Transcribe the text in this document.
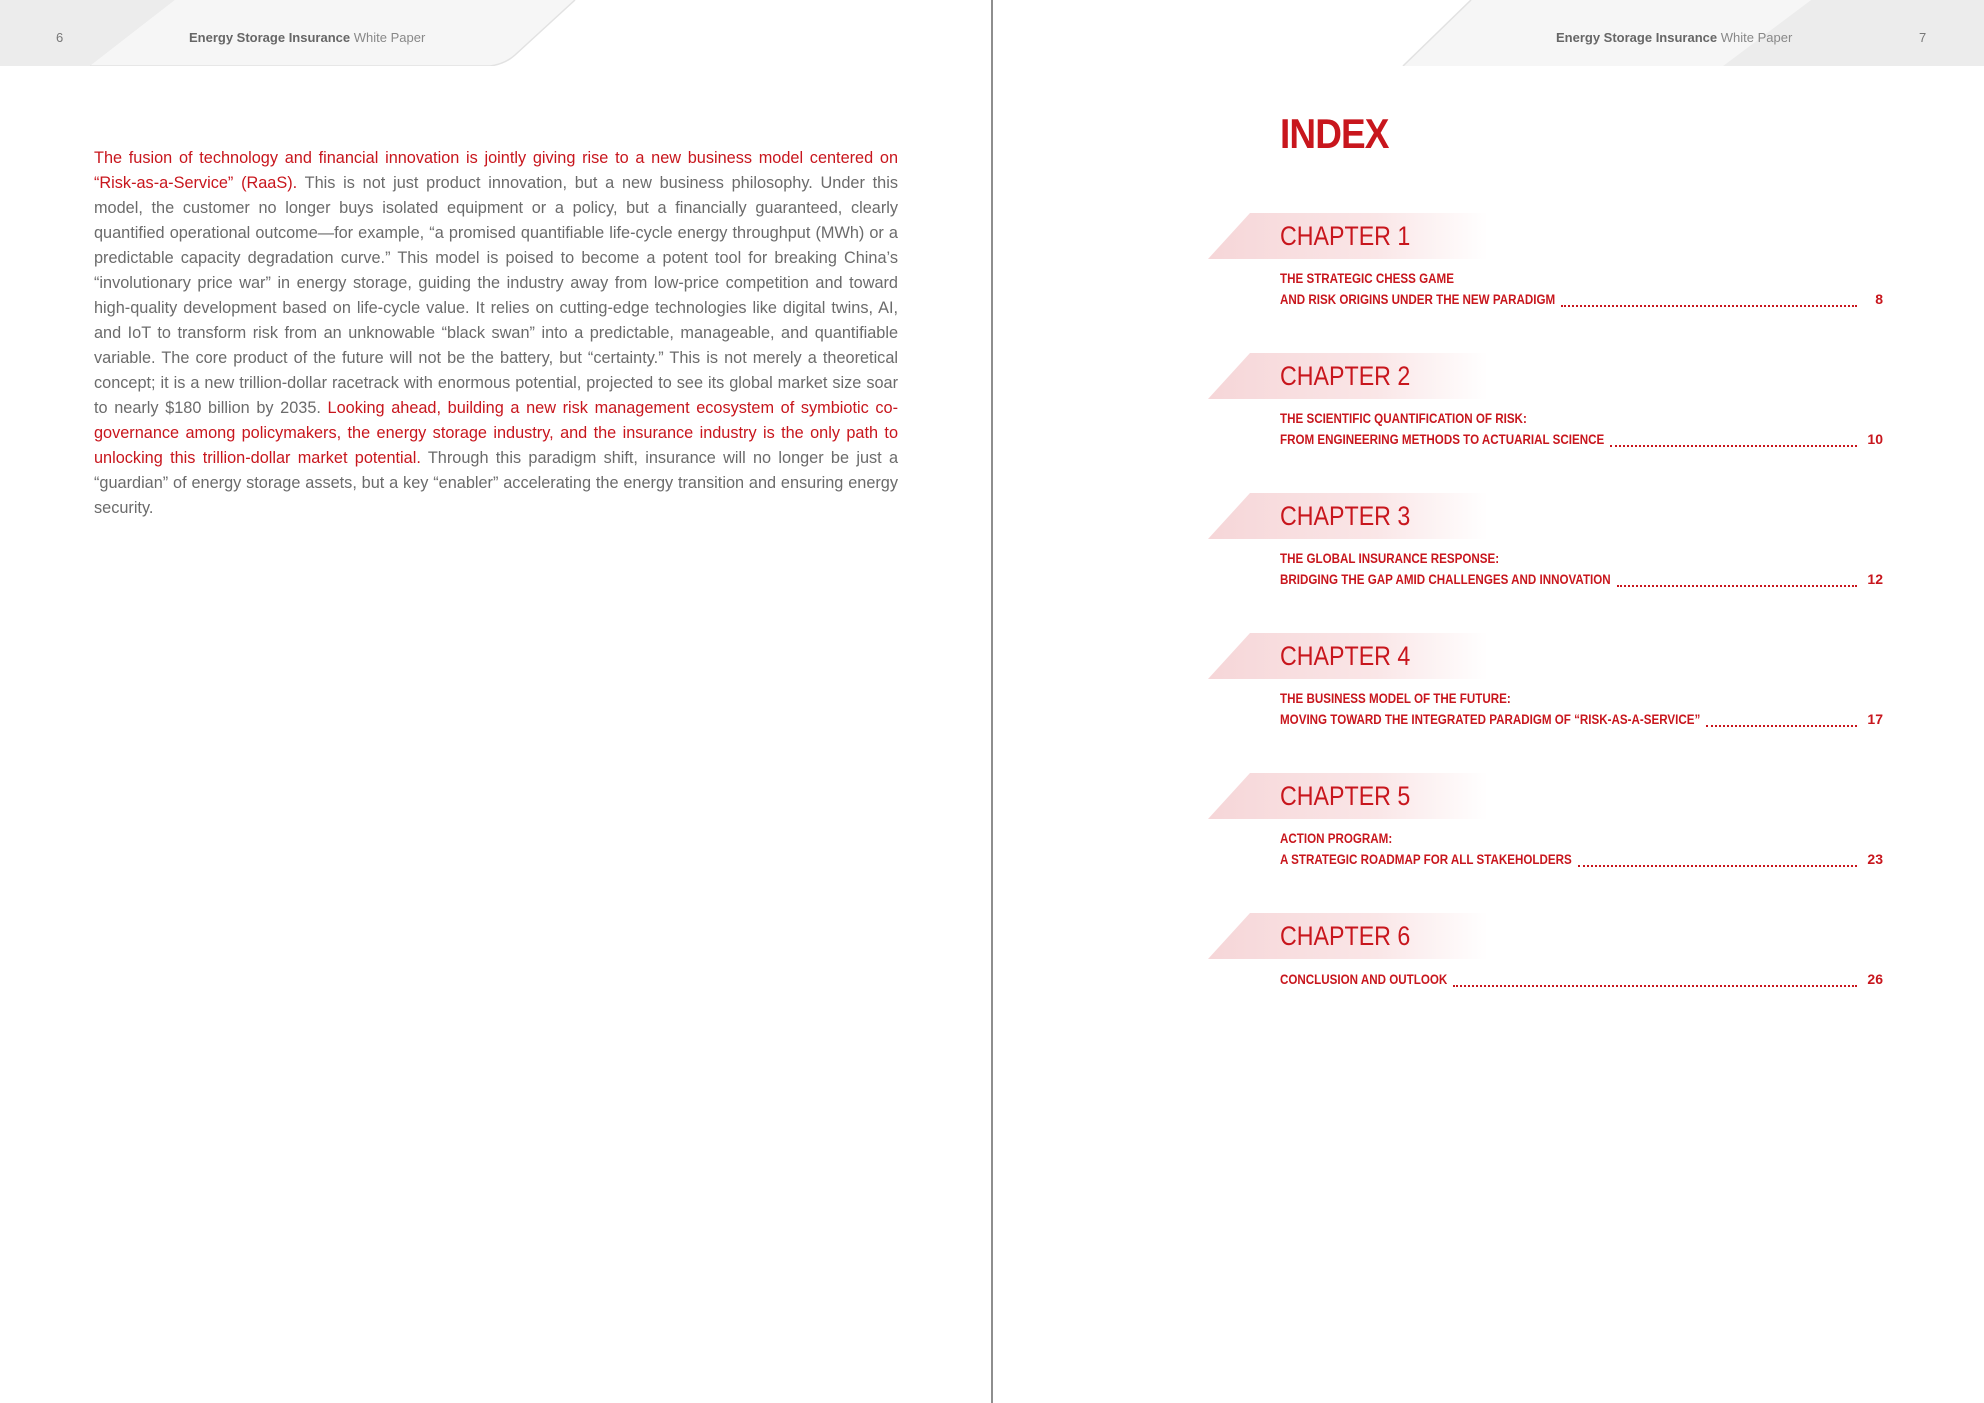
6	Energy Storage Insurance White Paper
The fusion of technology and financial innovation is jointly giving rise to a new business model centered on “Risk-as-a-Service” (RaaS). This is not just product innovation, but a new business philosophy. Under this model, the customer no longer buys isolated equipment or a policy, but a financially guaranteed, clearly quantified operational outcome—for example, “a promised quantifiable life-cycle energy throughput (MWh) or a predictable capacity degradation curve.” This model is poised to become a potent tool for breaking China’s “involutionary price war” in energy storage, guiding the industry away from low-price competition and toward high-quality development based on life-cycle value. It relies on cutting-edge technologies like digital twins, AI, and IoT to transform risk from an unknowable “black swan” into a predictable, manageable, and quantifiable variable. The core product of the future will not be the battery, but “certainty.” This is not merely a theoretical concept; it is a new trillion-dollar racetrack with enormous potential, projected to see its global market size soar to nearly $180 billion by 2035. Looking ahead, building a new risk management ecosystem of symbiotic co-governance among policymakers, the energy storage industry, and the insurance industry is the only path to unlocking this trillion-dollar market potential. Through this paradigm shift, insurance will no longer be just a “guardian” of energy storage assets, but a key “enabler” accelerating the energy transition and ensuring energy security.
Energy Storage Insurance White Paper	7
INDEX
CHAPTER 1
THE STRATEGIC CHESS GAME
AND RISK ORIGINS UNDER THE NEW PARADIGM	8
CHAPTER 2
THE SCIENTIFIC QUANTIFICATION OF RISK:
FROM ENGINEERING METHODS TO ACTUARIAL SCIENCE	10
CHAPTER 3
THE GLOBAL INSURANCE RESPONSE:
BRIDGING THE GAP AMID CHALLENGES AND INNOVATION	12
CHAPTER 4
THE BUSINESS MODEL OF THE FUTURE:
MOVING TOWARD THE INTEGRATED PARADIGM OF “RISK-AS-A-SERVICE”	17
CHAPTER 5
ACTION PROGRAM:
A STRATEGIC ROADMAP FOR ALL STAKEHOLDERS	23
CHAPTER 6
CONCLUSION AND OUTLOOK	26
